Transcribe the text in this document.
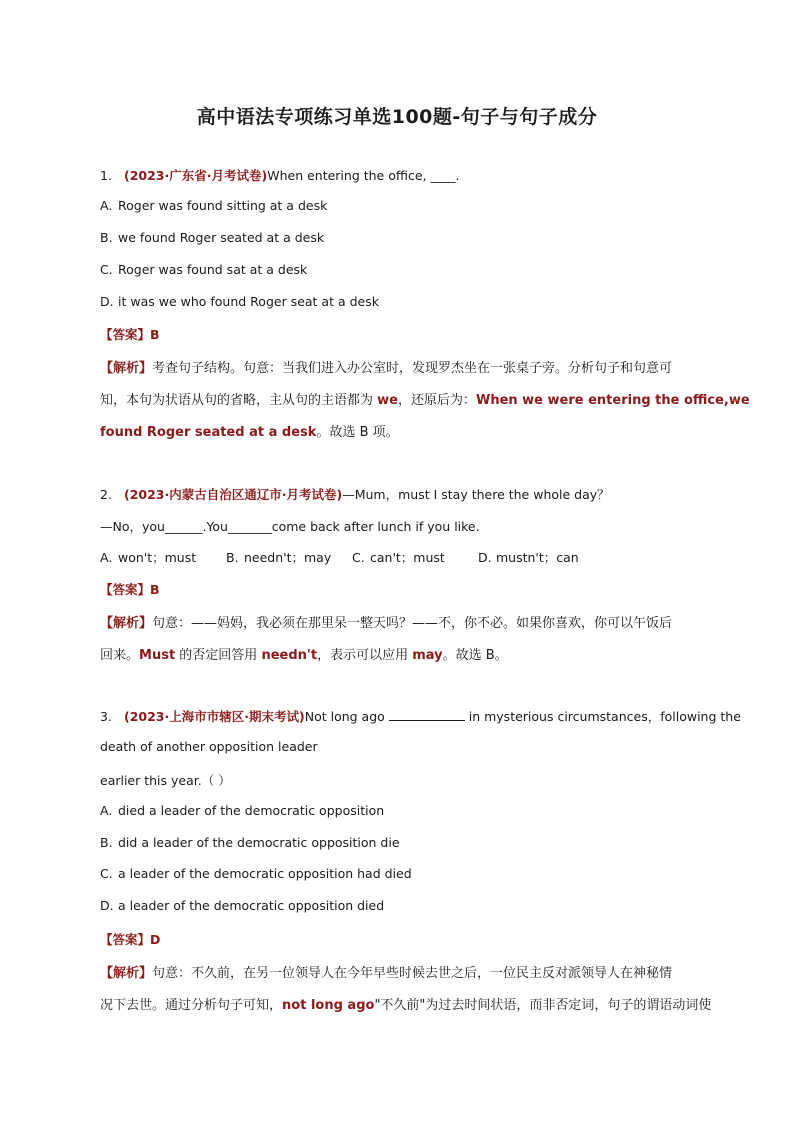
高中语法专项练习单选100题-句子与句子成分
1. (2023·广东省·月考试卷)When entering the office, ____.
A. Roger was found sitting at a desk
B. we found Roger seated at a desk
C. Roger was found sat at a desk
D. it was we who found Roger seat at a desk
【答案】B
【解析】考查句子结构。句意：当我们进入办公室时，发现罗杰坐在一张桌子旁。分析句子和句意可
知，本句为状语从句的省略，主从句的主语都为 we，还原后为：When we were entering the office,we
found Roger seated at a desk。故选 B 项。
2. (2023·内蒙古自治区通辽市·月考试卷)—Mum，must I stay there the whole day？
—No，you______.You_______come back after lunch if you like.
A. won't；must B. needn't；may C. can't；must	D. mustn't；can
【答案】B
【解析】句意：——妈妈，我必须在那里呆一整天吗？——不，你不必。如果你喜欢，你可以午饭后
回来。Must 的否定回答用 needn't，表示可以应用 may。故选 B。
3. (2023·上海市市辖区·期末考试)Not long ago	in mysterious circumstances，following the
death of another opposition leader
earlier this year.（ ）
A. died a leader of the democratic opposition
B. did a leader of the democratic opposition die
C. a leader of the democratic opposition had died
D. a leader of the democratic opposition died
【答案】D
【解析】句意：不久前，在另一位领导人在今年早些时候去世之后，一位民主反对派领导人在神秘情
况下去世。通过分析句子可知，not long ago"不久前"为过去时间状语，而非否定词，句子的谓语动词使
